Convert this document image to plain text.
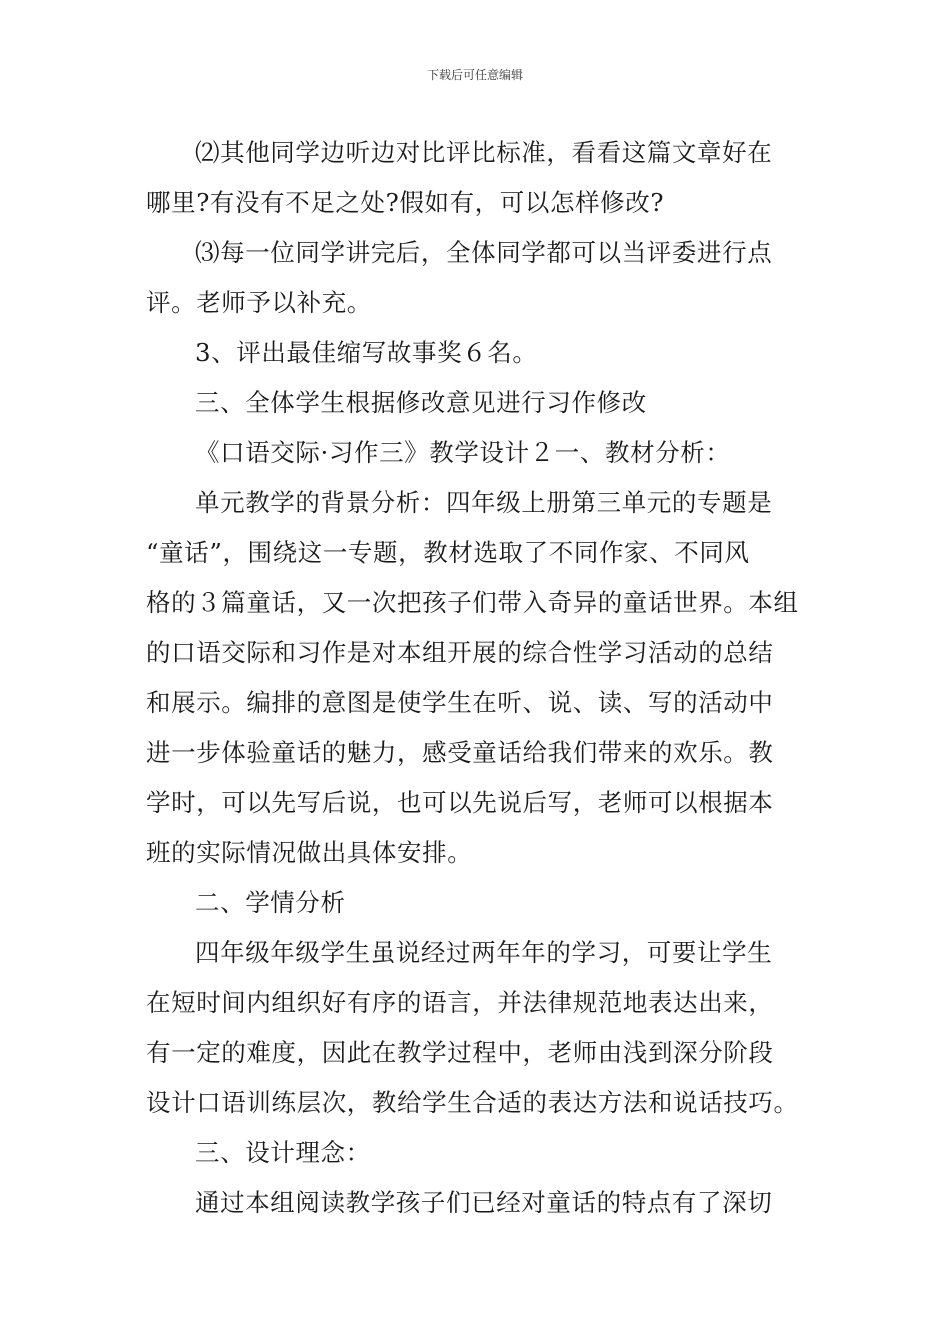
下载后可任意编辑

⑵其他同学边听边对比评比标准，看看这篇文章好在
哪里?有没有不足之处?假如有，可以怎样修改?

⑶每一位同学讲完后，全体同学都可以当评委进行点
评。老师予以补充。

3、评出最佳缩写故事奖６名。

三、全体学生根据修改意见进行习作修改

《口语交际·习作三》教学设计２一、教材分析：

单元教学的背景分析：四年级上册第三单元的专题是
“童话”，围绕这一专题，教材选取了不同作家、不同风
格的３篇童话，又一次把孩子们带入奇异的童话世界。本组
的口语交际和习作是对本组开展的综合性学习活动的总结
和展示。编排的意图是使学生在听、说、读、写的活动中
进一步体验童话的魅力，感受童话给我们带来的欢乐。教
学时，可以先写后说，也可以先说后写，老师可以根据本
班的实际情况做出具体安排。

二、学情分析

四年级年级学生虽说经过两年年的学习，可要让学生
在短时间内组织好有序的语言，并法律规范地表达出来，
有一定的难度，因此在教学过程中，老师由浅到深分阶段
设计口语训练层次，教给学生合适的表达方法和说话技巧。

三、设计理念：

通过本组阅读教学孩子们已经对童话的特点有了深切
